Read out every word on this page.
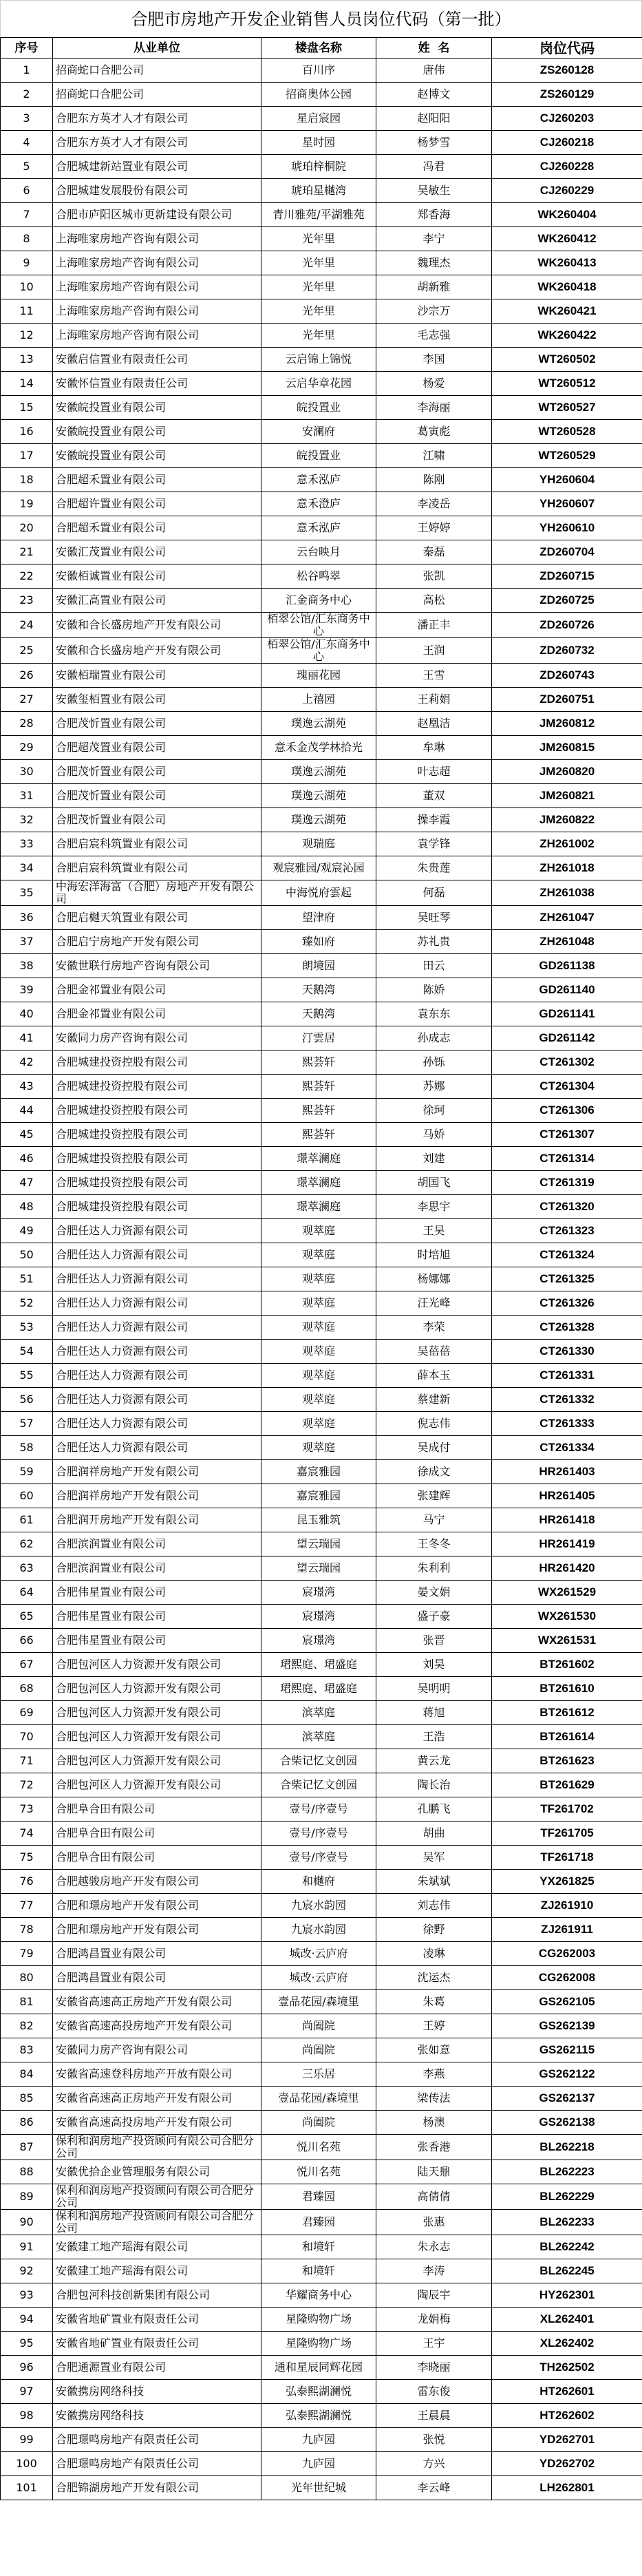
合肥市房地产开发企业销售人员岗位代码（第一批）
序号	从业单位	楼盘名称	姓  名	岗位代码
1	招商蛇口合肥公司	百川序	唐伟	ZS260128
2	招商蛇口合肥公司	招商奥体公园	赵博文	ZS260129
3	合肥东方英才人才有限公司	星启宸园	赵阳阳	CJ260203
4	合肥东方英才人才有限公司	星时园	杨梦雪	CJ260218
5	合肥城建新站置业有限公司	琥珀梓桐院	冯君	CJ260228
6	合肥城建发展股份有限公司	琥珀星樾湾	吴敏生	CJ260229
7	合肥市庐阳区城市更新建设有限公司	青川雅苑/平湖雅苑	郑香海	WK260404
8	上海唯家房地产咨询有限公司	光年里	李宁	WK260412
9	上海唯家房地产咨询有限公司	光年里	魏理杰	WK260413
10	上海唯家房地产咨询有限公司	光年里	胡新雅	WK260418
11	上海唯家房地产咨询有限公司	光年里	沙宗万	WK260421
12	上海唯家房地产咨询有限公司	光年里	毛志强	WK260422
13	安徽启信置业有限责任公司	云启锦上锦悦	李国	WT260502
14	安徽怀信置业有限责任公司	云启华章花园	杨爱	WT260512
15	安徽皖投置业有限公司	皖投置业	李海丽	WT260527
16	安徽皖投置业有限公司	安澜府	葛寅彪	WT260528
17	安徽皖投置业有限公司	皖投置业	江啸	WT260529
18	合肥超禾置业有限公司	意禾泓庐	陈刚	YH260604
19	合肥超许置业有限公司	意禾澄庐	李凌岳	YH260607
20	合肥超禾置业有限公司	意禾泓庐	王婷婷	YH260610
21	安徽汇茂置业有限公司	云台映月	秦磊	ZD260704
22	安徽栢诚置业有限公司	松谷鸣翠	张凯	ZD260715
23	安徽汇高置业有限公司	汇金商务中心	高松	ZD260725
24	安徽和合长盛房地产开发有限公司	栢翠公馆/汇东商务中心	潘正丰	ZD260726
25	安徽和合长盛房地产开发有限公司	栢翠公馆/汇东商务中心	王润	ZD260732
26	安徽栢瑞置业有限公司	瑰丽花园	王雪	ZD260743
27	安徽玺栢置业有限公司	上禧园	王莉娟	ZD260751
28	合肥茂忻置业有限公司	璞逸云湖苑	赵凰洁	JM260812
29	合肥超茂置业有限公司	意禾金茂学林拾光	牟琳	JM260815
30	合肥茂忻置业有限公司	璞逸云湖苑	叶志超	JM260820
31	合肥茂忻置业有限公司	璞逸云湖苑	董双	JM260821
32	合肥茂忻置业有限公司	璞逸云湖苑	操李霞	JM260822
33	合肥启宸科筑置业有限公司	观瑞庭	袁学锋	ZH261002
34	合肥启宸科筑置业有限公司	观宸雅园/观宸沁园	朱贵莲	ZH261018
35	中海宏洋海富（合肥）房地产开发有限公司	中海悦府雲起	何磊	ZH261038
36	合肥启樾天筑置业有限公司	望津府	吴旺琴	ZH261047
37	合肥启宁房地产开发有限公司	臻如府	苏礼贵	ZH261048
38	安徽世联行房地产咨询有限公司	朗境园	田云	GD261138
39	合肥金祁置业有限公司	天鹅湾	陈娇	GD261140
40	合肥金祁置业有限公司	天鹅湾	袁东东	GD261141
41	安徽同力房产咨询有限公司	汀雲居	孙成志	GD261142
42	合肥城建投资控股有限公司	熙荟轩	孙铄	CT261302
43	合肥城建投资控股有限公司	熙荟轩	苏娜	CT261304
44	合肥城建投资控股有限公司	熙荟轩	徐珂	CT261306
45	合肥城建投资控股有限公司	熙荟轩	马娇	CT261307
46	合肥城建投资控股有限公司	璟萃澜庭	刘建	CT261314
47	合肥城建投资控股有限公司	璟萃澜庭	胡国飞	CT261319
48	合肥城建投资控股有限公司	璟萃澜庭	李思宇	CT261320
49	合肥任达人力资源有限公司	观萃庭	王昊	CT261323
50	合肥任达人力资源有限公司	观萃庭	时培旭	CT261324
51	合肥任达人力资源有限公司	观萃庭	杨娜娜	CT261325
52	合肥任达人力资源有限公司	观萃庭	汪光峰	CT261326
53	合肥任达人力资源有限公司	观萃庭	李荣	CT261328
54	合肥任达人力资源有限公司	观萃庭	吴蓓蓓	CT261330
55	合肥任达人力资源有限公司	观萃庭	薛本玉	CT261331
56	合肥任达人力资源有限公司	观萃庭	蔡建新	CT261332
57	合肥任达人力资源有限公司	观萃庭	倪志伟	CT261333
58	合肥任达人力资源有限公司	观萃庭	吴成付	CT261334
59	合肥润祥房地产开发有限公司	嘉宸雅园	徐成文	HR261403
60	合肥润祥房地产开发有限公司	嘉宸雅园	张建辉	HR261405
61	合肥润开房地产开发有限公司	昆玉雅筑	马宁	HR261418
62	合肥滨润置业有限公司	望云瑞园	王冬冬	HR261419
63	合肥滨润置业有限公司	望云瑞园	朱利利	HR261420
64	合肥伟星置业有限公司	宸璟湾	晏文娟	WX261529
65	合肥伟星置业有限公司	宸璟湾	盛子豪	WX261530
66	合肥伟星置业有限公司	宸璟湾	张晋	WX261531
67	合肥包河区人力资源开发有限公司	珺熙庭、珺盛庭	刘昊	BT261602
68	合肥包河区人力资源开发有限公司	珺熙庭、珺盛庭	吴明明	BT261610
69	合肥包河区人力资源开发有限公司	滨萃庭	蒋旭	BT261612
70	合肥包河区人力资源开发有限公司	滨萃庭	王浩	BT261614
71	合肥包河区人力资源开发有限公司	合柴记忆文创园	黄云龙	BT261623
72	合肥包河区人力资源开发有限公司	合柴记忆文创园	陶长治	BT261629
73	合肥阜合田有限公司	壹号/序壹号	孔鹏飞	TF261702
74	合肥阜合田有限公司	壹号/序壹号	胡曲	TF261705
75	合肥阜合田有限公司	壹号/序壹号	吴军	TF261718
76	合肥越骏房地产开发有限公司	和樾府	朱斌斌	YX261825
77	合肥和璟房地产开发有限公司	九宸水韵园	刘志伟	ZJ261910
78	合肥和璟房地产开发有限公司	九宸水韵园	徐野	ZJ261911
79	合肥鸿昌置业有限公司	城改·云庐府	凌琳	CG262003
80	合肥鸿昌置业有限公司	城改·云庐府	沈运杰	CG262008
81	安徽省高速高正房地产开发有限公司	壹品花园/森境里	朱葛	GS262105
82	安徽省高速高投房地产开发有限公司	尚阖院	王婷	GS262139
83	安徽同力房产咨询有限公司	尚阖院	张如意	GS262115
84	安徽省高速登科房地产开放有限公司	三乐居	李燕	GS262122
85	安徽省高速高正房地产开发有限公司	壹品花园/森境里	梁传法	GS262137
86	安徽省高速高投房地产开发有限公司	尚阖院	杨澳	GS262138
87	保利和润房地产投资顾问有限公司合肥分公司	悦川名苑	张香港	BL262218
88	安徽优拾企业管理服务有限公司	悦川名苑	陆天鼎	BL262223
89	保利和润房地产投资顾问有限公司合肥分公司	君臻园	高倩倩	BL262229
90	保利和润房地产投资顾问有限公司合肥分公司	君臻园	张惠	BL262233
91	安徽建工地产瑶海有限公司	和境轩	朱永志	BL262242
92	安徽建工地产瑶海有限公司	和境轩	李涛	BL262245
93	合肥包河科技创新集团有限公司	华耀商务中心	陶辰宇	HY262301
94	安徽省地矿置业有限责任公司	星隆购物广场	龙娟梅	XL262401
95	安徽省地矿置业有限责任公司	星隆购物广场	王宇	XL262402
96	合肥通源置业有限公司	通和星辰同辉花园	李晓丽	TH262502
97	安徽携房网络科技	弘泰熙湖澜悦	雷东俊	HT262601
98	安徽携房网络科技	弘泰熙湖澜悦	王晨晨	HT262602
99	合肥璟鸣房地产有限责任公司	九庐园	张悦	YD262701
100	合肥璟鸣房地产有限责任公司	九庐园	方兴	YD262702
101	合肥锦湖房地产开发有限公司	光年世纪城	李云峰	LH262801
